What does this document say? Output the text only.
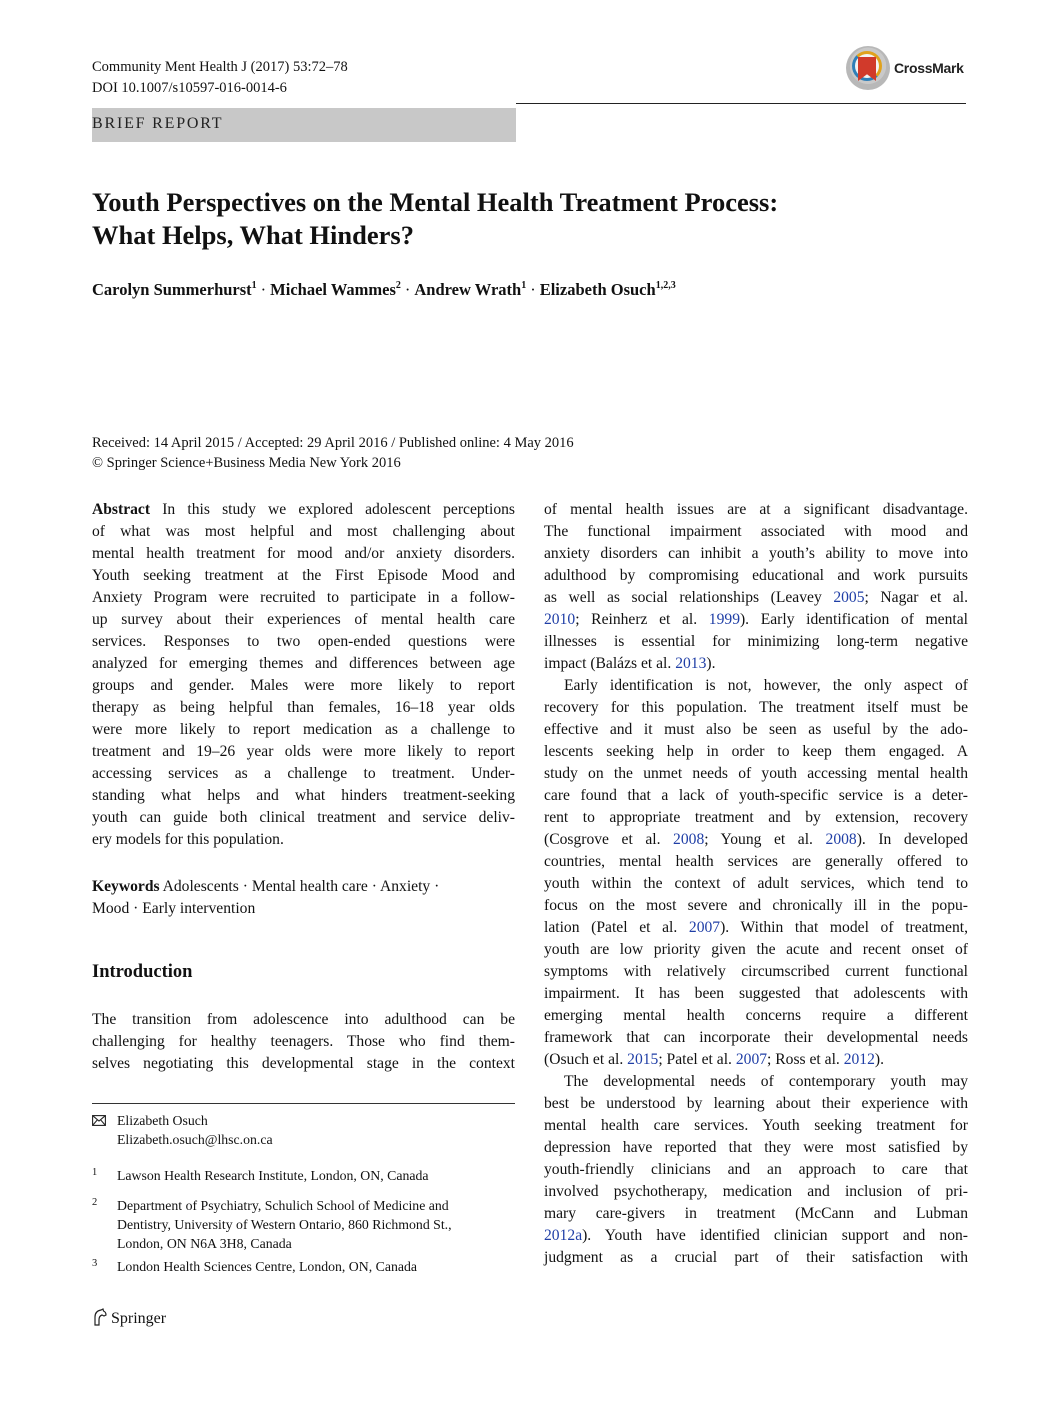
Community Ment Health J (2017) 53:72–78
DOI 10.1007/s10597-016-0014-6
CrossMark
BRIEF REPORT
Youth Perspectives on the Mental Health Treatment Process:
What Helps, What Hinders?
Carolyn Summerhurst$^1$ · Michael Wammes$^2$ · Andrew Wrath$^1$ · Elizabeth Osuch$^{1,2,3}$
Received: 14 April 2015 / Accepted: 29 April 2016 / Published online: 4 May 2016
© Springer Science+Business Media New York 2016
Abstract In this study we explored adolescent perceptions
of what was most helpful and most challenging about
mental health treatment for mood and/or anxiety disorders.
Youth seeking treatment at the First Episode Mood and
Anxiety Program were recruited to participate in a follow-
up survey about their experiences of mental health care
services. Responses to two open-ended questions were
analyzed for emerging themes and differences between age
groups and gender. Males were more likely to report
therapy as being helpful than females, 16–18 year olds
were more likely to report medication as a challenge to
treatment and 19–26 year olds were more likely to report
accessing services as a challenge to treatment. Under-
standing what helps and what hinders treatment-seeking
youth can guide both clinical treatment and service deliv-
ery models for this population.
Keywords Adolescents · Mental health care · Anxiety ·
Mood · Early intervention
Introduction
The transition from adolescence into adulthood can be
challenging for healthy teenagers. Those who find them-
selves negotiating this developmental stage in the context
Elizabeth Osuch
Elizabeth.osuch@lhsc.on.ca
1 Lawson Health Research Institute, London, ON, Canada
2 Department of Psychiatry, Schulich School of Medicine and
Dentistry, University of Western Ontario, 860 Richmond St.,
London, ON N6A 3H8, Canada
3 London Health Sciences Centre, London, ON, Canada
of mental health issues are at a significant disadvantage.
The functional impairment associated with mood and
anxiety disorders can inhibit a youth’s ability to move into
adulthood by compromising educational and work pursuits
as well as social relationships (Leavey 2005; Nagar et al.
2010; Reinherz et al. 1999). Early identification of mental
illnesses is essential for minimizing long-term negative
impact (Balázs et al. 2013).
Early identification is not, however, the only aspect of
recovery for this population. The treatment itself must be
effective and it must also be seen as useful by the ado-
lescents seeking help in order to keep them engaged. A
study on the unmet needs of youth accessing mental health
care found that a lack of youth-specific service is a deter-
rent to appropriate treatment and by extension, recovery
(Cosgrove et al. 2008; Young et al. 2008). In developed
countries, mental health services are generally offered to
youth within the context of adult services, which tend to
focus on the most severe and chronically ill in the popu-
lation (Patel et al. 2007). Within that model of treatment,
youth are low priority given the acute and recent onset of
symptoms with relatively circumscribed current functional
impairment. It has been suggested that adolescents with
emerging mental health concerns require a different
framework that can incorporate their developmental needs
(Osuch et al. 2015; Patel et al. 2007; Ross et al. 2012).
The developmental needs of contemporary youth may
best be understood by learning about their experience with
mental health care services. Youth seeking treatment for
depression have reported that they were most satisfied by
youth-friendly clinicians and an approach to care that
involved psychotherapy, medication and inclusion of pri-
mary care-givers in treatment (McCann and Lubman
2012a). Youth have identified clinician support and non-
judgment as a crucial part of their satisfaction with
Springer
